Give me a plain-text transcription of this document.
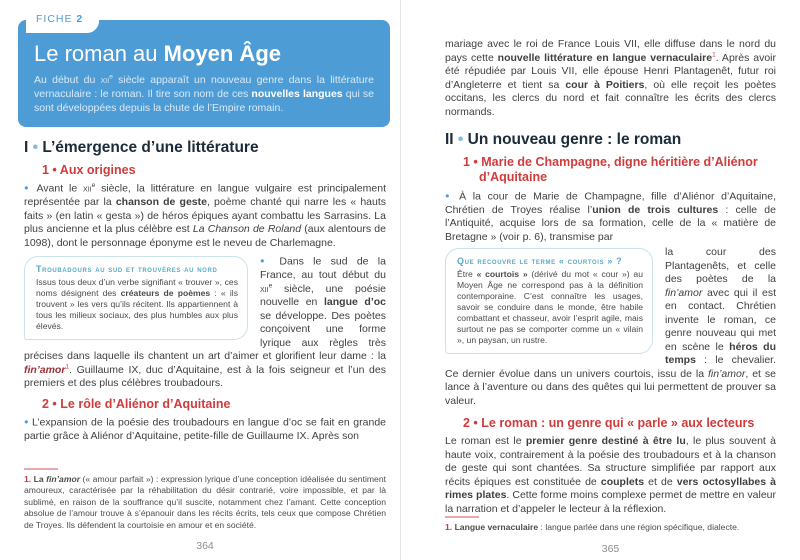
FICHE 2
Le roman au Moyen Âge

Au début du xii$^e$ siècle apparaît un nouveau genre dans la littérature vernaculaire : le roman. Il tire son nom de ces nouvelles langues qui se sont développées depuis la chute de l’Empire romain.

I • L’émergence d’une littérature
1 • Aux origines

● Avant le xii$^e$ siècle, la littérature en langue vulgaire est principalement représentée par la chanson de geste, poème chanté qui narre les « hauts faits » (en latin « gesta ») de héros épiques ayant combattu les Sarrasins. La plus ancienne et la plus célèbre est La Chanson de Roland (aux alentours de 1098), dont le personnage éponyme est le neveu de Charlemagne.

Troubadours au sud et trouvères au nord

Issus tous deux d’un verbe signifiant « trouver », ces noms désignent des créateurs de poèmes : « ils trouvent » les vers qu’ils récitent. Ils appartiennent à tous les milieux sociaux, des plus humbles aux plus élevés.

● Dans le sud de la France, au tout début du xii$^e$ siècle, une poésie nouvelle en langue d’oc se développe. Des poètes conçoivent une forme lyrique aux règles très précises dans laquelle ils chantent un art d’aimer et glorifient leur dame : la fin’amor$^1$. Guillaume IX, duc d’Aquitaine, est à la fois seigneur et l’un des premiers et des plus célèbres troubadours.

2 • Le rôle d’Aliénor d’Aquitaine

● L’expansion de la poésie des troubadours en langue d’oc se fait en grande partie grâce à Aliénor d’Aquitaine, petite-fille de Guillaume IX. Après son

1. La fin’amor (« amour parfait ») : expression lyrique d’une conception idéalisée du sentiment amoureux, caractérisée par la réhabilitation du désir contrarié, voire impossible, et par là sublimé, en raison de la souffrance qu’il suscite, notamment chez l’amant. Cette conception absolue de l’amour trouve à s’épanouir dans les récits écrits, tels ceux que compose Chrétien de Troyes. Ils défendent la courtoisie en amour et en société.

364

mariage avec le roi de France Louis VII, elle diffuse dans le nord du pays cette nouvelle littérature en langue vernaculaire$^1$. Après avoir été répudiée par Louis VII, elle épouse Henri Plantagenêt, futur roi d’Angleterre et tient sa cour à Poitiers, où elle reçoit les poètes occitans, les clercs du nord et fait connaître les écrits des clercs normands.

II • Un nouveau genre : le roman
1 • Marie de Champagne, digne héritière d’Aliénor d’Aquitaine

● À la cour de Marie de Champagne, fille d’Aliénor d’Aquitaine, Chrétien de Troyes réalise l’union de trois cultures : celle de l’Antiquité, acquise lors de sa formation, celle de la « matière de Bretagne » (voir p. 6), transmise par

Que recouvre le terme « courtois » ?

Être « courtois » (dérivé du mot « cour ») au Moyen Âge ne correspond pas à la définition contemporaine. C’est connaître les usages, savoir se conduire dans le monde, être habile combattant et chasseur, avoir l’esprit agile, mais surtout ne pas se comporter comme un « vilain », un paysan, un rustre.

la cour des Plantagenêts, et celle des poètes de la fin’amor avec qui il est en contact. Chrétien invente le roman, ce genre nouveau qui met en scène le héros du temps : le chevalier. Ce dernier évolue dans un univers courtois, issu de la fin’amor, et se lance à l’aventure ou dans des quêtes qui lui permettent de prouver sa valeur.

2 • Le roman : un genre qui « parle » aux lecteurs

Le roman est le premier genre destiné à être lu, le plus souvent à haute voix, contrairement à la poésie des troubadours et à la chanson de geste qui sont chantées. Sa structure simplifiée par rapport aux récits épiques est constituée de couplets et de vers octosyllabes à rimes plates. Cette forme moins complexe permet de mettre en valeur la narration et d’appeler le lecteur à la réflexion.

1. Langue vernaculaire : langue parlée dans une région spécifique, dialecte.

365
